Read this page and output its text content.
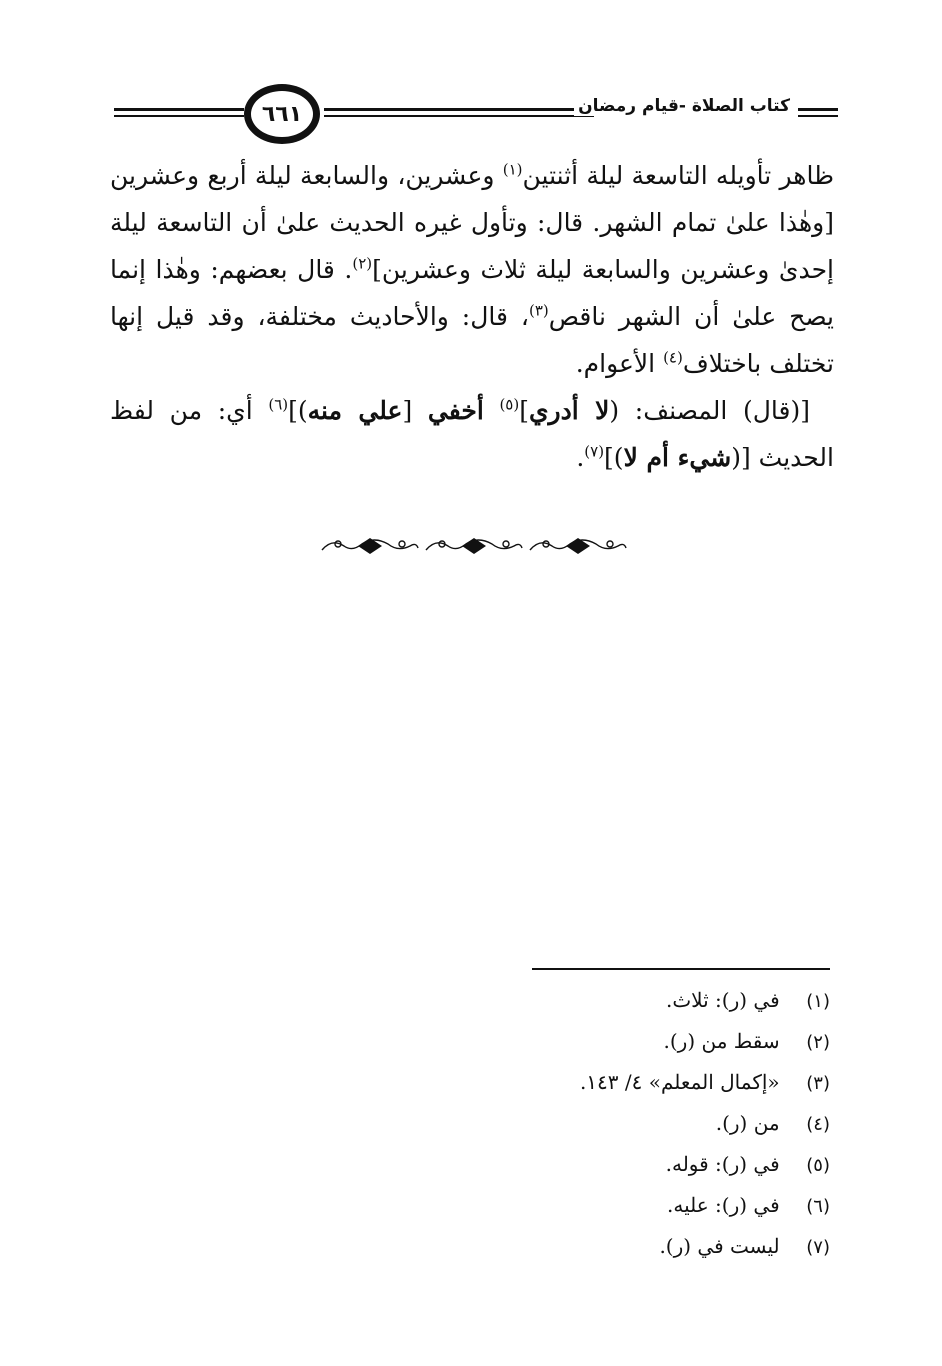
٦٦١	كتاب الصلاة -قيام رمضان

ظاهر تأويله التاسعة ليلة أثنتين$^{(١)}$ وعشرين، والسابعة ليلة أربع وعشرين [وهٰذا علىٰ تمام الشهر. قال: وتأول غيره الحديث علىٰ أن التاسعة ليلة إحدىٰ وعشرين والسابعة ليلة ثلاث وعشرين]$^{(٢)}$. قال بعضهم: وهٰذا إنما يصح علىٰ أن الشهر ناقص$^{(٣)}$، قال: والأحاديث مختلفة، وقد قيل إنها تختلف باختلاف$^{(٤)}$ الأعوام.

[(قال) المصنف: (لا أدري]$^{(٥)}$ أخفي [علي منه)]$^{(٦)}$ أي: من لفظ الحديث [(شيء أم لا)]$^{(٧)}$.

(١) في (ر): ثلاث.
(٢) سقط من (ر).
(٣) «إكمال المعلم» ٤/ ١٤٣.
(٤) من (ر).
(٥) في (ر): قوله.
(٦) في (ر): عليه.
(٧) ليست في (ر).
